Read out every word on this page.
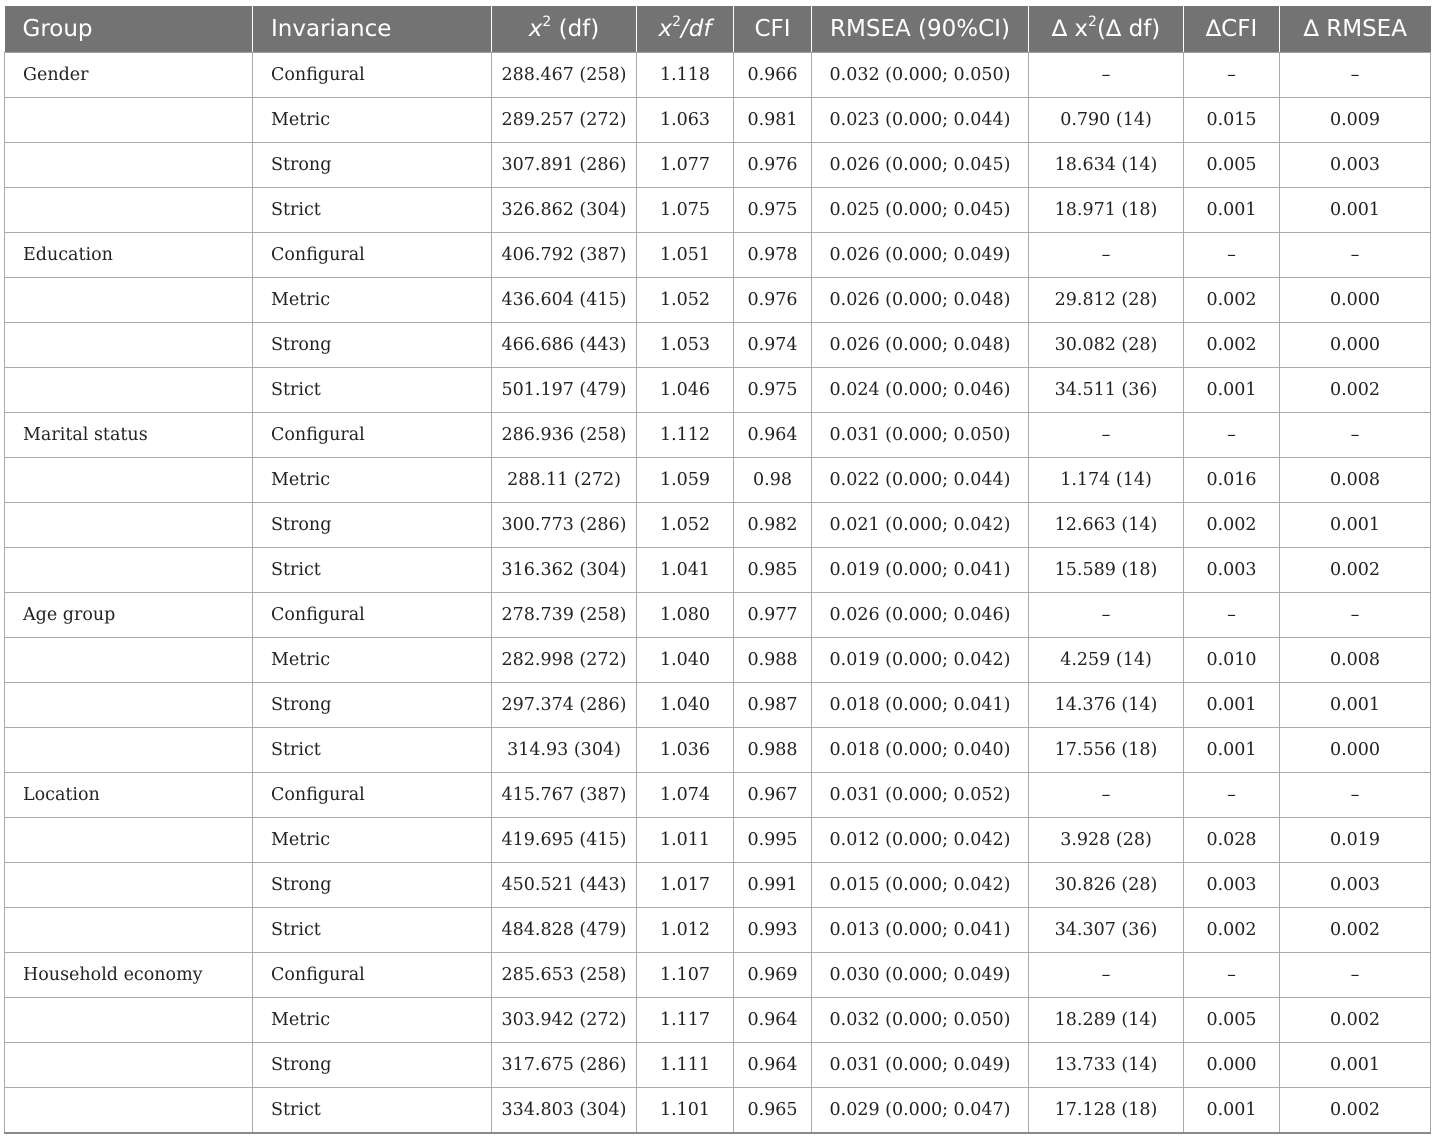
Group	Invariance	$x^2$ (df)	$x^2/df$	CFI	RMSEA (90%CI)	∆ $x^2(\Delta$ df)	∆CFI	∆ RMSEA
Gender	Configural	288.467 (258)	1.118	0.966	0.032 (0.000; 0.050)	–	–	–
	Metric	289.257 (272)	1.063	0.981	0.023 (0.000; 0.044)	0.790 (14)	0.015	0.009
	Strong	307.891 (286)	1.077	0.976	0.026 (0.000; 0.045)	18.634 (14)	0.005	0.003
	Strict	326.862 (304)	1.075	0.975	0.025 (0.000; 0.045)	18.971 (18)	0.001	0.001
Education	Configural	406.792 (387)	1.051	0.978	0.026 (0.000; 0.049)	–	–	–
	Metric	436.604 (415)	1.052	0.976	0.026 (0.000; 0.048)	29.812 (28)	0.002	0.000
	Strong	466.686 (443)	1.053	0.974	0.026 (0.000; 0.048)	30.082 (28)	0.002	0.000
	Strict	501.197 (479)	1.046	0.975	0.024 (0.000; 0.046)	34.511 (36)	0.001	0.002
Marital status	Configural	286.936 (258)	1.112	0.964	0.031 (0.000; 0.050)	–	–	–
	Metric	288.11 (272)	1.059	0.98	0.022 (0.000; 0.044)	1.174 (14)	0.016	0.008
	Strong	300.773 (286)	1.052	0.982	0.021 (0.000; 0.042)	12.663 (14)	0.002	0.001
	Strict	316.362 (304)	1.041	0.985	0.019 (0.000; 0.041)	15.589 (18)	0.003	0.002
Age group	Configural	278.739 (258)	1.080	0.977	0.026 (0.000; 0.046)	–	–	–
	Metric	282.998 (272)	1.040	0.988	0.019 (0.000; 0.042)	4.259 (14)	0.010	0.008
	Strong	297.374 (286)	1.040	0.987	0.018 (0.000; 0.041)	14.376 (14)	0.001	0.001
	Strict	314.93 (304)	1.036	0.988	0.018 (0.000; 0.040)	17.556 (18)	0.001	0.000
Location	Configural	415.767 (387)	1.074	0.967	0.031 (0.000; 0.052)	–	–	–
	Metric	419.695 (415)	1.011	0.995	0.012 (0.000; 0.042)	3.928 (28)	0.028	0.019
	Strong	450.521 (443)	1.017	0.991	0.015 (0.000; 0.042)	30.826 (28)	0.003	0.003
	Strict	484.828 (479)	1.012	0.993	0.013 (0.000; 0.041)	34.307 (36)	0.002	0.002
Household economy	Configural	285.653 (258)	1.107	0.969	0.030 (0.000; 0.049)	–	–	–
	Metric	303.942 (272)	1.117	0.964	0.032 (0.000; 0.050)	18.289 (14)	0.005	0.002
	Strong	317.675 (286)	1.111	0.964	0.031 (0.000; 0.049)	13.733 (14)	0.000	0.001
	Strict	334.803 (304)	1.101	0.965	0.029 (0.000; 0.047)	17.128 (18)	0.001	0.002
